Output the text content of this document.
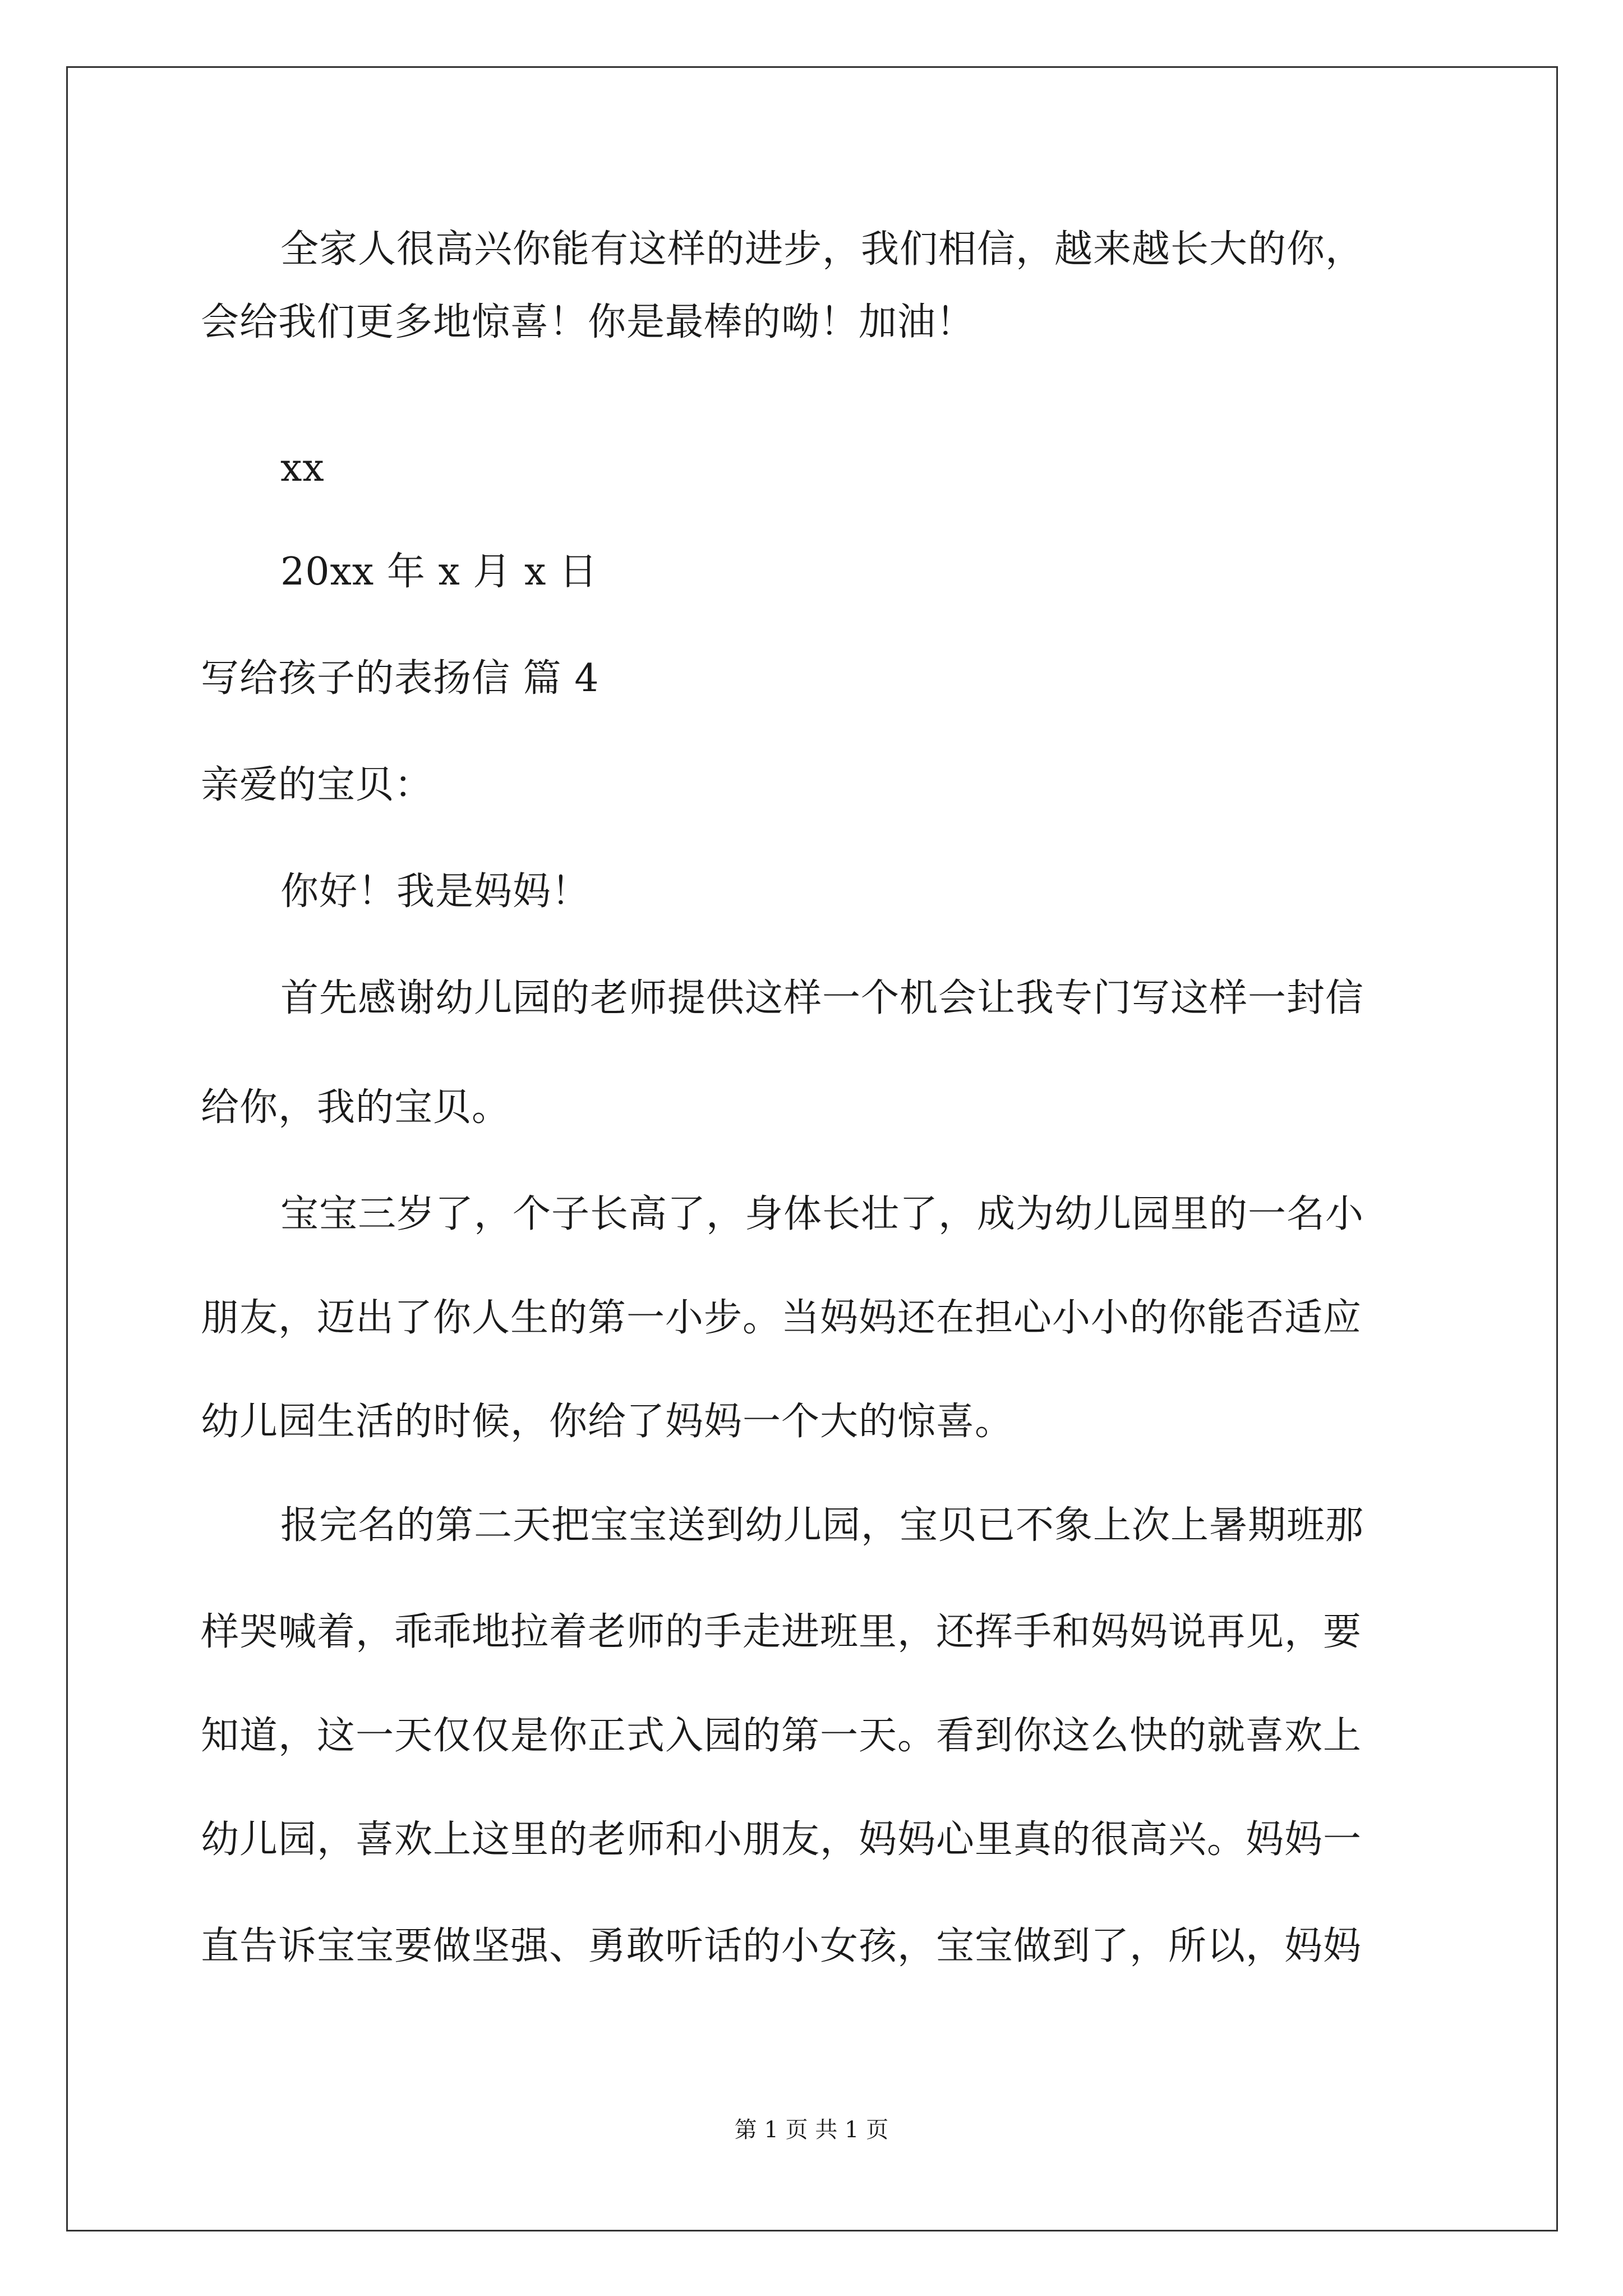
全家人很高兴你能有这样的进步，我们相信，越来越长大的你，
会给我们更多地惊喜！你是最棒的呦！加油！
xx
20xx 年 x 月 x 日
写给孩子的表扬信 篇 4
亲爱的宝贝：
你好！我是妈妈！
首先感谢幼儿园的老师提供这样一个机会让我专门写这样一封信
给你，我的宝贝。
宝宝三岁了，个子长高了，身体长壮了，成为幼儿园里的一名小
朋友，迈出了你人生的第一小步。当妈妈还在担心小小的你能否适应
幼儿园生活的时候，你给了妈妈一个大的惊喜。
报完名的第二天把宝宝送到幼儿园，宝贝已不象上次上暑期班那
样哭喊着，乖乖地拉着老师的手走进班里，还挥手和妈妈说再见，要
知道，这一天仅仅是你正式入园的第一天。看到你这么快的就喜欢上
幼儿园，喜欢上这里的老师和小朋友，妈妈心里真的很高兴。妈妈一
直告诉宝宝要做坚强、勇敢听话的小女孩，宝宝做到了，所以，妈妈
第 1 页 共 1 页
